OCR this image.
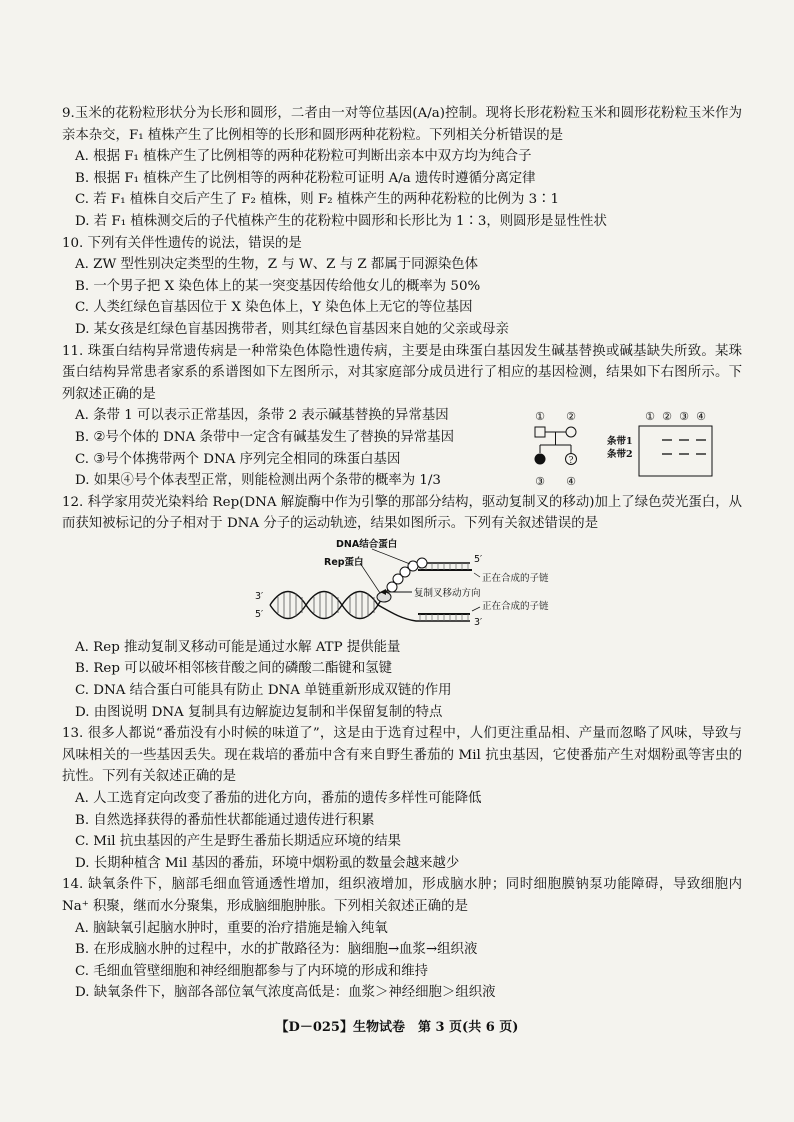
9.玉米的花粉粒形状分为长形和圆形，二者由一对等位基因(A/a)控制。现将长形花粉粒玉米和圆形花粉粒玉米作为亲本杂交，F₁ 植株产生了比例相等的长形和圆形两种花粉粒。下列相关分析错误的是

A. 根据 F₁ 植株产生了比例相等的两种花粉粒可判断出亲本中双方均为纯合子

B. 根据 F₁ 植株产生了比例相等的两种花粉粒可证明 A/a 遗传时遵循分离定律

C. 若 F₁ 植株自交后产生了 F₂ 植株，则 F₂ 植株产生的两种花粉粒的比例为 3∶1

D. 若 F₁ 植株测交后的子代植株产生的花粉粒中圆形和长形比为 1∶3，则圆形是显性性状

10. 下列有关伴性遗传的说法，错误的是

A. ZW 型性别决定类型的生物，Z 与 W、Z 与 Z 都属于同源染色体

B. 一个男子把 X 染色体上的某一突变基因传给他女儿的概率为 50%

C. 人类红绿色盲基因位于 X 染色体上，Y 染色体上无它的等位基因

D. 某女孩是红绿色盲基因携带者，则其红绿色盲基因来自她的父亲或母亲

11. 珠蛋白结构异常遗传病是一种常染色体隐性遗传病，主要是由珠蛋白基因发生碱基替换或碱基缺失所致。某珠蛋白结构异常患者家系的系谱图如下左图所示，对其家庭部分成员进行了相应的基因检测，结果如下右图所示。下列叙述正确的是

A. 条带 1 可以表示正常基因，条带 2 表示碱基替换的异常基因

B. ②号个体的 DNA 条带中一定含有碱基发生了替换的异常基因

C. ③号个体携带两个 DNA 序列完全相同的珠蛋白基因

D. 如果④号个体表型正常，则能检测出两个条带的概率为 1/3

① ②
?
③ ④
① ② ③ ④
条带1
条带2

12. 科学家用荧光染料给 Rep(DNA 解旋酶中作为引擎的那部分结构，驱动复制叉的移动)加上了绿色荧光蛋白，从而获知被标记的分子相对于 DNA 分子的运动轨迹，结果如图所示。下列有关叙述错误的是

DNA结合蛋白
Rep蛋白
复制叉移动方向
正在合成的子链
正在合成的子链
5′
3′
5′
3′

A. Rep 推动复制叉移动可能是通过水解 ATP 提供能量

B. Rep 可以破坏相邻核苷酸之间的磷酸二酯键和氢键

C. DNA 结合蛋白可能具有防止 DNA 单链重新形成双链的作用

D. 由图说明 DNA 复制具有边解旋边复制和半保留复制的特点

13. 很多人都说“番茄没有小时候的味道了”，这是由于选育过程中，人们更注重品相、产量而忽略了风味，导致与风味相关的一些基因丢失。现在栽培的番茄中含有来自野生番茄的 Mil 抗虫基因，它使番茄产生对烟粉虱等害虫的抗性。下列有关叙述正确的是

A. 人工选育定向改变了番茄的进化方向，番茄的遗传多样性可能降低

B. 自然选择获得的番茄性状都能通过遗传进行积累

C. Mil 抗虫基因的产生是野生番茄长期适应环境的结果

D. 长期种植含 Mil 基因的番茄，环境中烟粉虱的数量会越来越少

14. 缺氧条件下，脑部毛细血管通透性增加，组织液增加，形成脑水肿；同时细胞膜钠泵功能障碍，导致细胞内 Na⁺ 积聚，继而水分聚集，形成脑细胞肿胀。下列相关叙述正确的是

A. 脑缺氧引起脑水肿时，重要的治疗措施是输入纯氧

B. 在形成脑水肿的过程中，水的扩散路径为：脑细胞→血浆→组织液

C. 毛细血管壁细胞和神经细胞都参与了内环境的形成和维持

D. 缺氧条件下，脑部各部位氧气浓度高低是：血浆＞神经细胞＞组织液

【D－025】生物试卷　第 3 页(共 6 页)
